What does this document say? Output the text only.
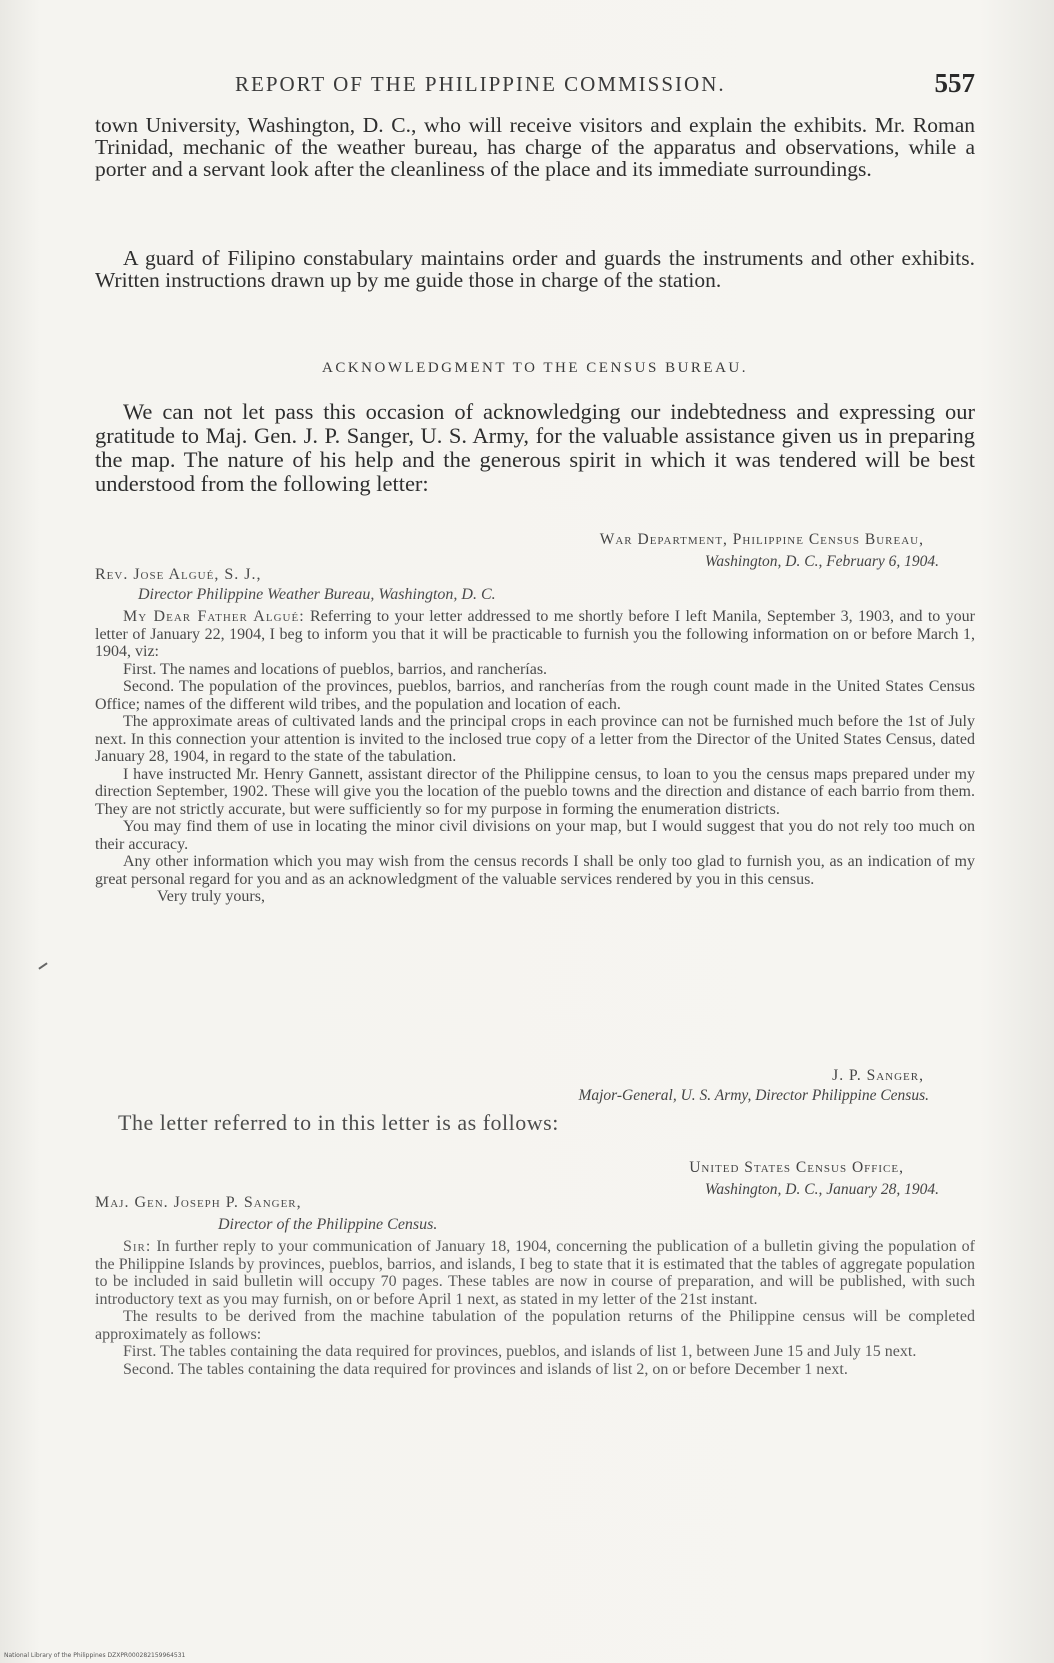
REPORT OF THE PHILIPPINE COMMISSION.	557

town University, Washington, D. C., who will receive visitors and explain the exhibits. Mr. Roman Trinidad, mechanic of the weather bureau, has charge of the apparatus and observations, while a porter and a servant look after the cleanliness of the place and its immediate surroundings.

A guard of Filipino constabulary maintains order and guards the instruments and other exhibits. Written instructions drawn up by me guide those in charge of the station.

ACKNOWLEDGMENT TO THE CENSUS BUREAU.

We can not let pass this occasion of acknowledging our indebtedness and expressing our gratitude to Maj. Gen. J. P. Sanger, U. S. Army, for the valuable assistance given us in preparing the map. The nature of his help and the generous spirit in which it was tendered will be best understood from the following letter:

War Department, Philippine Census Bureau,
Washington, D. C., February 6, 1904.
Rev. Jose Algué, S. J.,
Director Philippine Weather Bureau, Washington, D. C.

My Dear Father Algué: Referring to your letter addressed to me shortly before I left Manila, September 3, 1903, and to your letter of January 22, 1904, I beg to inform you that it will be practicable to furnish you the following information on or before March 1, 1904, viz:

First. The names and locations of pueblos, barrios, and rancherías.

Second. The population of the provinces, pueblos, barrios, and rancherías from the rough count made in the United States Census Office; names of the different wild tribes, and the population and location of each.

The approximate areas of cultivated lands and the principal crops in each province can not be furnished much before the 1st of July next. In this connection your attention is invited to the inclosed true copy of a letter from the Director of the United States Census, dated January 28, 1904, in regard to the state of the tabulation.

I have instructed Mr. Henry Gannett, assistant director of the Philippine census, to loan to you the census maps prepared under my direction September, 1902. These will give you the location of the pueblo towns and the direction and distance of each barrio from them. They are not strictly accurate, but were sufficiently so for my purpose in forming the enumeration districts.

You may find them of use in locating the minor civil divisions on your map, but I would suggest that you do not rely too much on their accuracy.

Any other information which you may wish from the census records I shall be only too glad to furnish you, as an indication of my great personal regard for you and as an acknowledgment of the valuable services rendered by you in this census.

Very truly yours,

J. P. Sanger,
Major-General, U. S. Army, Director Philippine Census.
The letter referred to in this letter is as follows:
United States Census Office,
Washington, D. C., January 28, 1904.
Maj. Gen. Joseph P. Sanger,
Director of the Philippine Census.

Sir: In further reply to your communication of January 18, 1904, concerning the publication of a bulletin giving the population of the Philippine Islands by provinces, pueblos, barrios, and islands, I beg to state that it is estimated that the tables of aggregate population to be included in said bulletin will occupy 70 pages. These tables are now in course of preparation, and will be published, with such introductory text as you may furnish, on or before April 1 next, as stated in my letter of the 21st instant.

The results to be derived from the machine tabulation of the population returns of the Philippine census will be completed approximately as follows:

First. The tables containing the data required for provinces, pueblos, and islands of list 1, between June 15 and July 15 next.

Second. The tables containing the data required for provinces and islands of list 2, on or before December 1 next.

National Library of the Philippines DZXPR000282159964531
